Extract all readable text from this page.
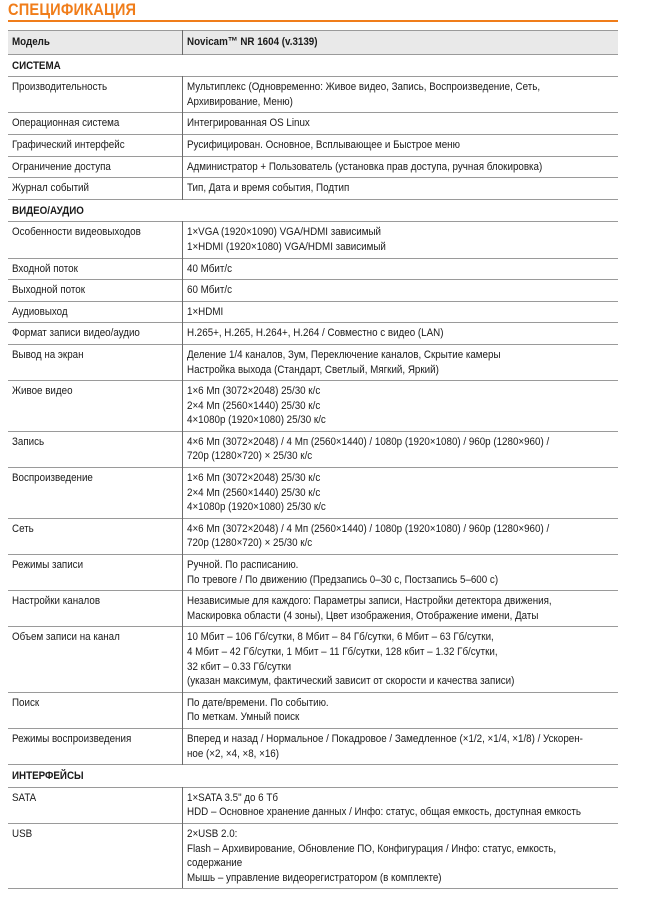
СПЕЦИФИКАЦИЯ
Модель	Novicam™ NR 1604 (v.3139)

СИСТЕМА	

Производительность	Мультиплекс (Одновременно: Живое видео, Запись, Воспроизведение, Сеть,
Архивирование, Меню)

Операционная система	Интегрированная OS Linux

Графический интерфейс	Русифицирован. Основное, Всплывающее и Быстрое меню

Ограничение доступа	Администратор + Пользователь (установка прав доступа, ручная блокировка)

Журнал событий	Тип, Дата и время события, Подтип

ВИДЕО/АУДИО	

Особенности видеовыходов	1×VGA (1920×1090) VGA/HDMI зависимый
1×HDMI (1920×1080) VGA/HDMI зависимый

Входной поток	40 Мбит/с

Выходной поток	60 Мбит/с

Аудиовыход	1×HDMI

Формат записи видео/аудио	H.265+, H.265, H.264+, H.264 / Совместно с видео (LAN)

Вывод на экран	Деление 1/4 каналов, Зум, Переключение каналов, Скрытие камеры
Настройка выхода (Стандарт, Светлый, Мягкий, Яркий)

Живое видео	1×6 Мп (3072×2048) 25/30 к/с
2×4 Мп (2560×1440) 25/30 к/с
4×1080p (1920×1080) 25/30 к/с

Запись	4×6 Мп (3072×2048) / 4 Мп (2560×1440) / 1080p (1920×1080) / 960p (1280×960) /
720p (1280×720) × 25/30 к/с

Воспроизведение	1×6 Мп (3072×2048) 25/30 к/с
2×4 Мп (2560×1440) 25/30 к/с
4×1080p (1920×1080) 25/30 к/с

Сеть	4×6 Мп (3072×2048) / 4 Мп (2560×1440) / 1080p (1920×1080) / 960p (1280×960) /
720p (1280×720) × 25/30 к/с

Режимы записи	Ручной. По расписанию.
По тревоге / По движению (Предзапись 0–30 с, Постзапись 5–600 с)

Настройки каналов	Независимые для каждого: Параметры записи, Настройки детектора движения,
Маскировка области (4 зоны), Цвет изображения, Отображение имени, Даты

Объем записи на канал	10 Мбит – 106 Гб/сутки, 8 Мбит – 84 Гб/сутки, 6 Мбит – 63 Гб/сутки,
4 Мбит – 42 Гб/сутки, 1 Мбит – 11 Гб/сутки, 128 кбит – 1.32 Гб/сутки,
32 кбит – 0.33 Гб/сутки
(указан максимум, фактический зависит от скорости и качества записи)

Поиск	По дате/времени. По событию.
По меткам. Умный поиск

Режимы воспроизведения	Вперед и назад / Нормальное / Покадровое / Замедленное (×1/2, ×1/4, ×1/8) / Ускорен-
ное (×2, ×4, ×8, ×16)

ИНТЕРФЕЙСЫ	

SATA	1×SATA 3.5" до 6 Тб
HDD – Основное хранение данных / Инфо: статус, общая емкость, доступная емкость

USB	2×USB 2.0:
Flash – Архивирование, Обновление ПО, Конфигурация / Инфо: статус, емкость,
содержание
Мышь – управление видеорегистратором (в комплекте)
